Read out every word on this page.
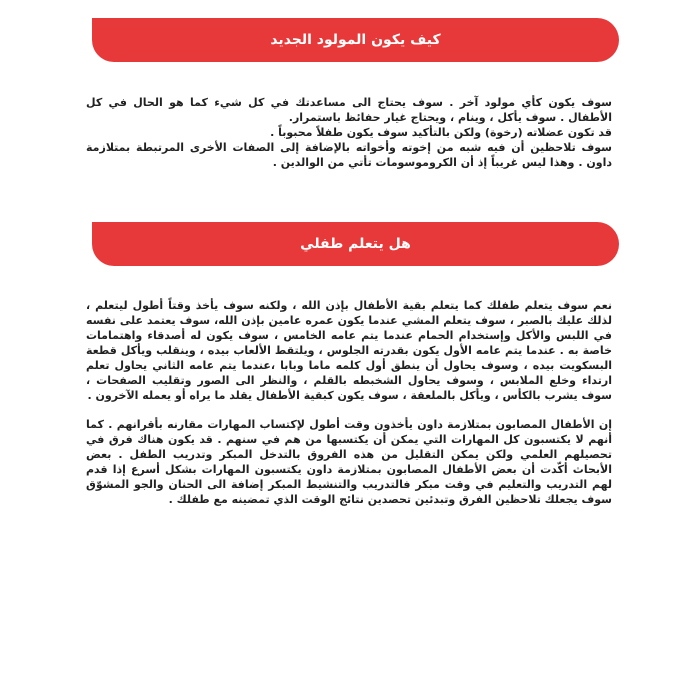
كيف يكون المولود الجديد

سوف يكون كأي مولود آخر . سوف يحتاج الى مساعدتك في كل شيء كما هو الحال في كل الأطفال . سوف يأكل ، وينام ، ويحتاج غيار حفائظ باستمرار.

قد تكون عضلاته (رخوة) ولكن بالتأكيد سوف يكون طفلاً محبوباً .

سوف تلاحظين أن فيه شبه من إخوته وأخواته بالإضافة إلى الصفات الأخرى المرتبطة بمتلازمة داون . وهذا ليس غريباً إذ أن الكروموسومات تأتي من الوالدين .

هل يتعلم طفلي

نعم سوف يتعلم طفلك كما يتعلم بقية الأطفال بإذن الله ، ولكنه سوف يأخذ وقتاً أطول ليتعلم ، لذلك عليك بالصبر ، سوف يتعلم المشي عندما يكون عمره عامين بإذن الله، سوف يعتمد على نفسه في اللبس والأكل وإستخدام الحمام عندما يتم عامه الخامس ، سوف يكون له أصدقاء واهتمامات خاصة به . عندما يتم عامه الأول يكون بقدرته الجلوس ، ويلتقط الألعاب بيده ، وينقلب ويأكل قطعة البسكويت بيده ، وسوف يحاول أن ينطق أول كلمه ماما وبابا ،عندما يتم عامه الثاني يحاول تعلم ارتداء وخلع الملابس ، وسوف يحاول الشخبطه بالقلم ، والنظر الى الصور وتقليب الصفحات ، سوف يشرب بالكأس ، ويأكل بالملعقة ، سوف يكون كبقية الأطفال يقلد ما يراه أو يعمله الآخرون .

إن الأطفال المصابون بمتلازمة داون يأخذون وقت أطول لإكتساب المهارات مقارنه بأقرانهم . كما أنهم لا يكتسبون كل المهارات التي يمكن أن يكتسبها من هم في سنهم . قد يكون هناك فرق في تحصيلهم العلمي ولكن يمكن التقليل من هذه الفروق بالتدخل المبكر وتدريب الطفل . بعض الأبحاث أكّدت أن بعض الأطفال المصابون بمتلازمة داون يكتسبون المهارات بشكل أسرع إذا قدم لهم التدريب والتعليم في وقت مبكر فالتدريب والتنشيط المبكر إضافة الى الحنان والجو المشوّق سوف يجعلك تلاحظين الفرق وتبدئين تحصدين نتائج الوقت الذي تمضينه مع طفلك .
